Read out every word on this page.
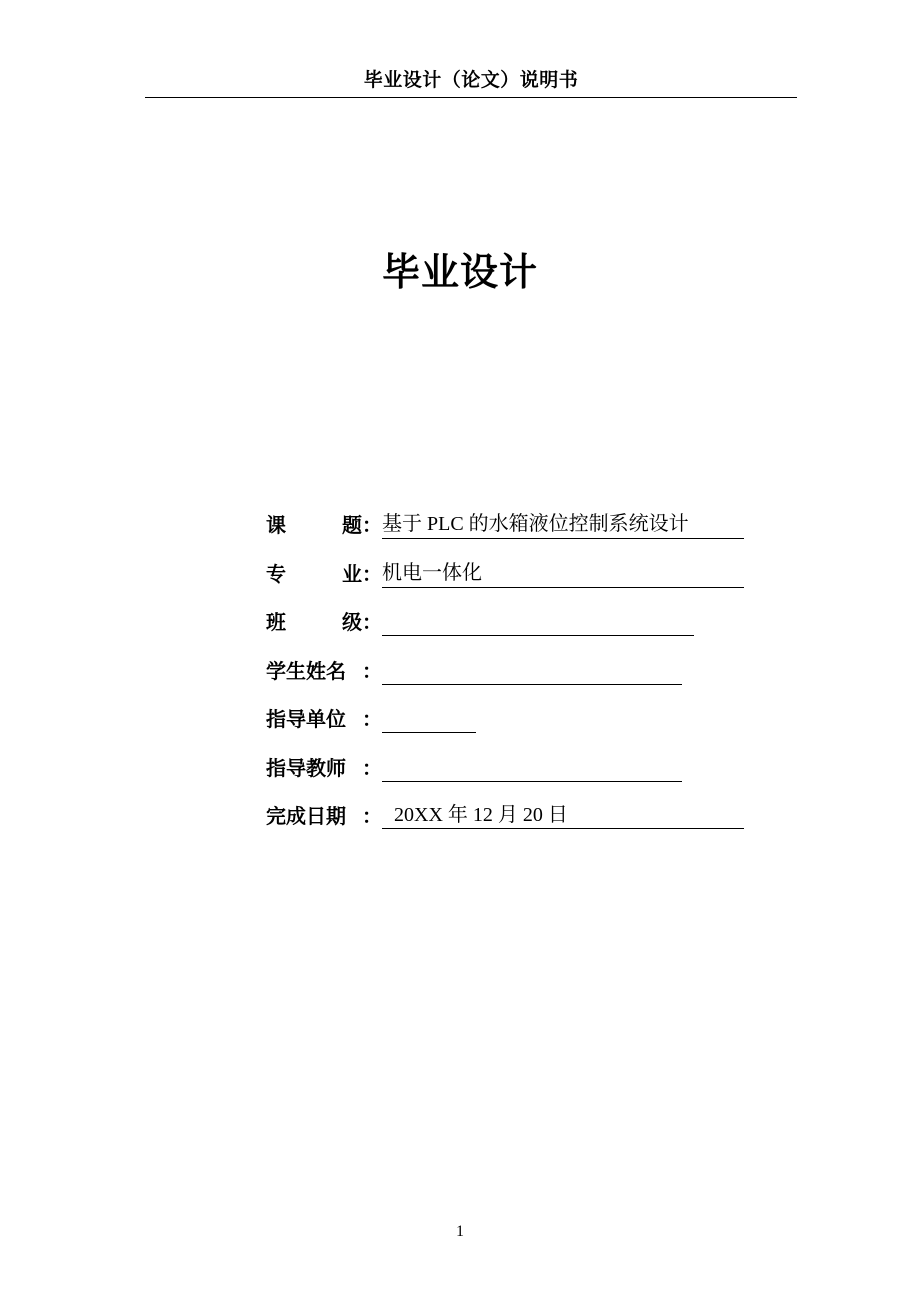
毕业设计（论文）说明书
毕业设计
课	题 ： 基于 PLC 的水箱液位控制系统设计
专	业 ： 机电一体化
班	级 ：
学生姓名 ：
指导单位 ：
指导教师 ：
完成日期 ： 20XX 年 12 月 20 日
1
